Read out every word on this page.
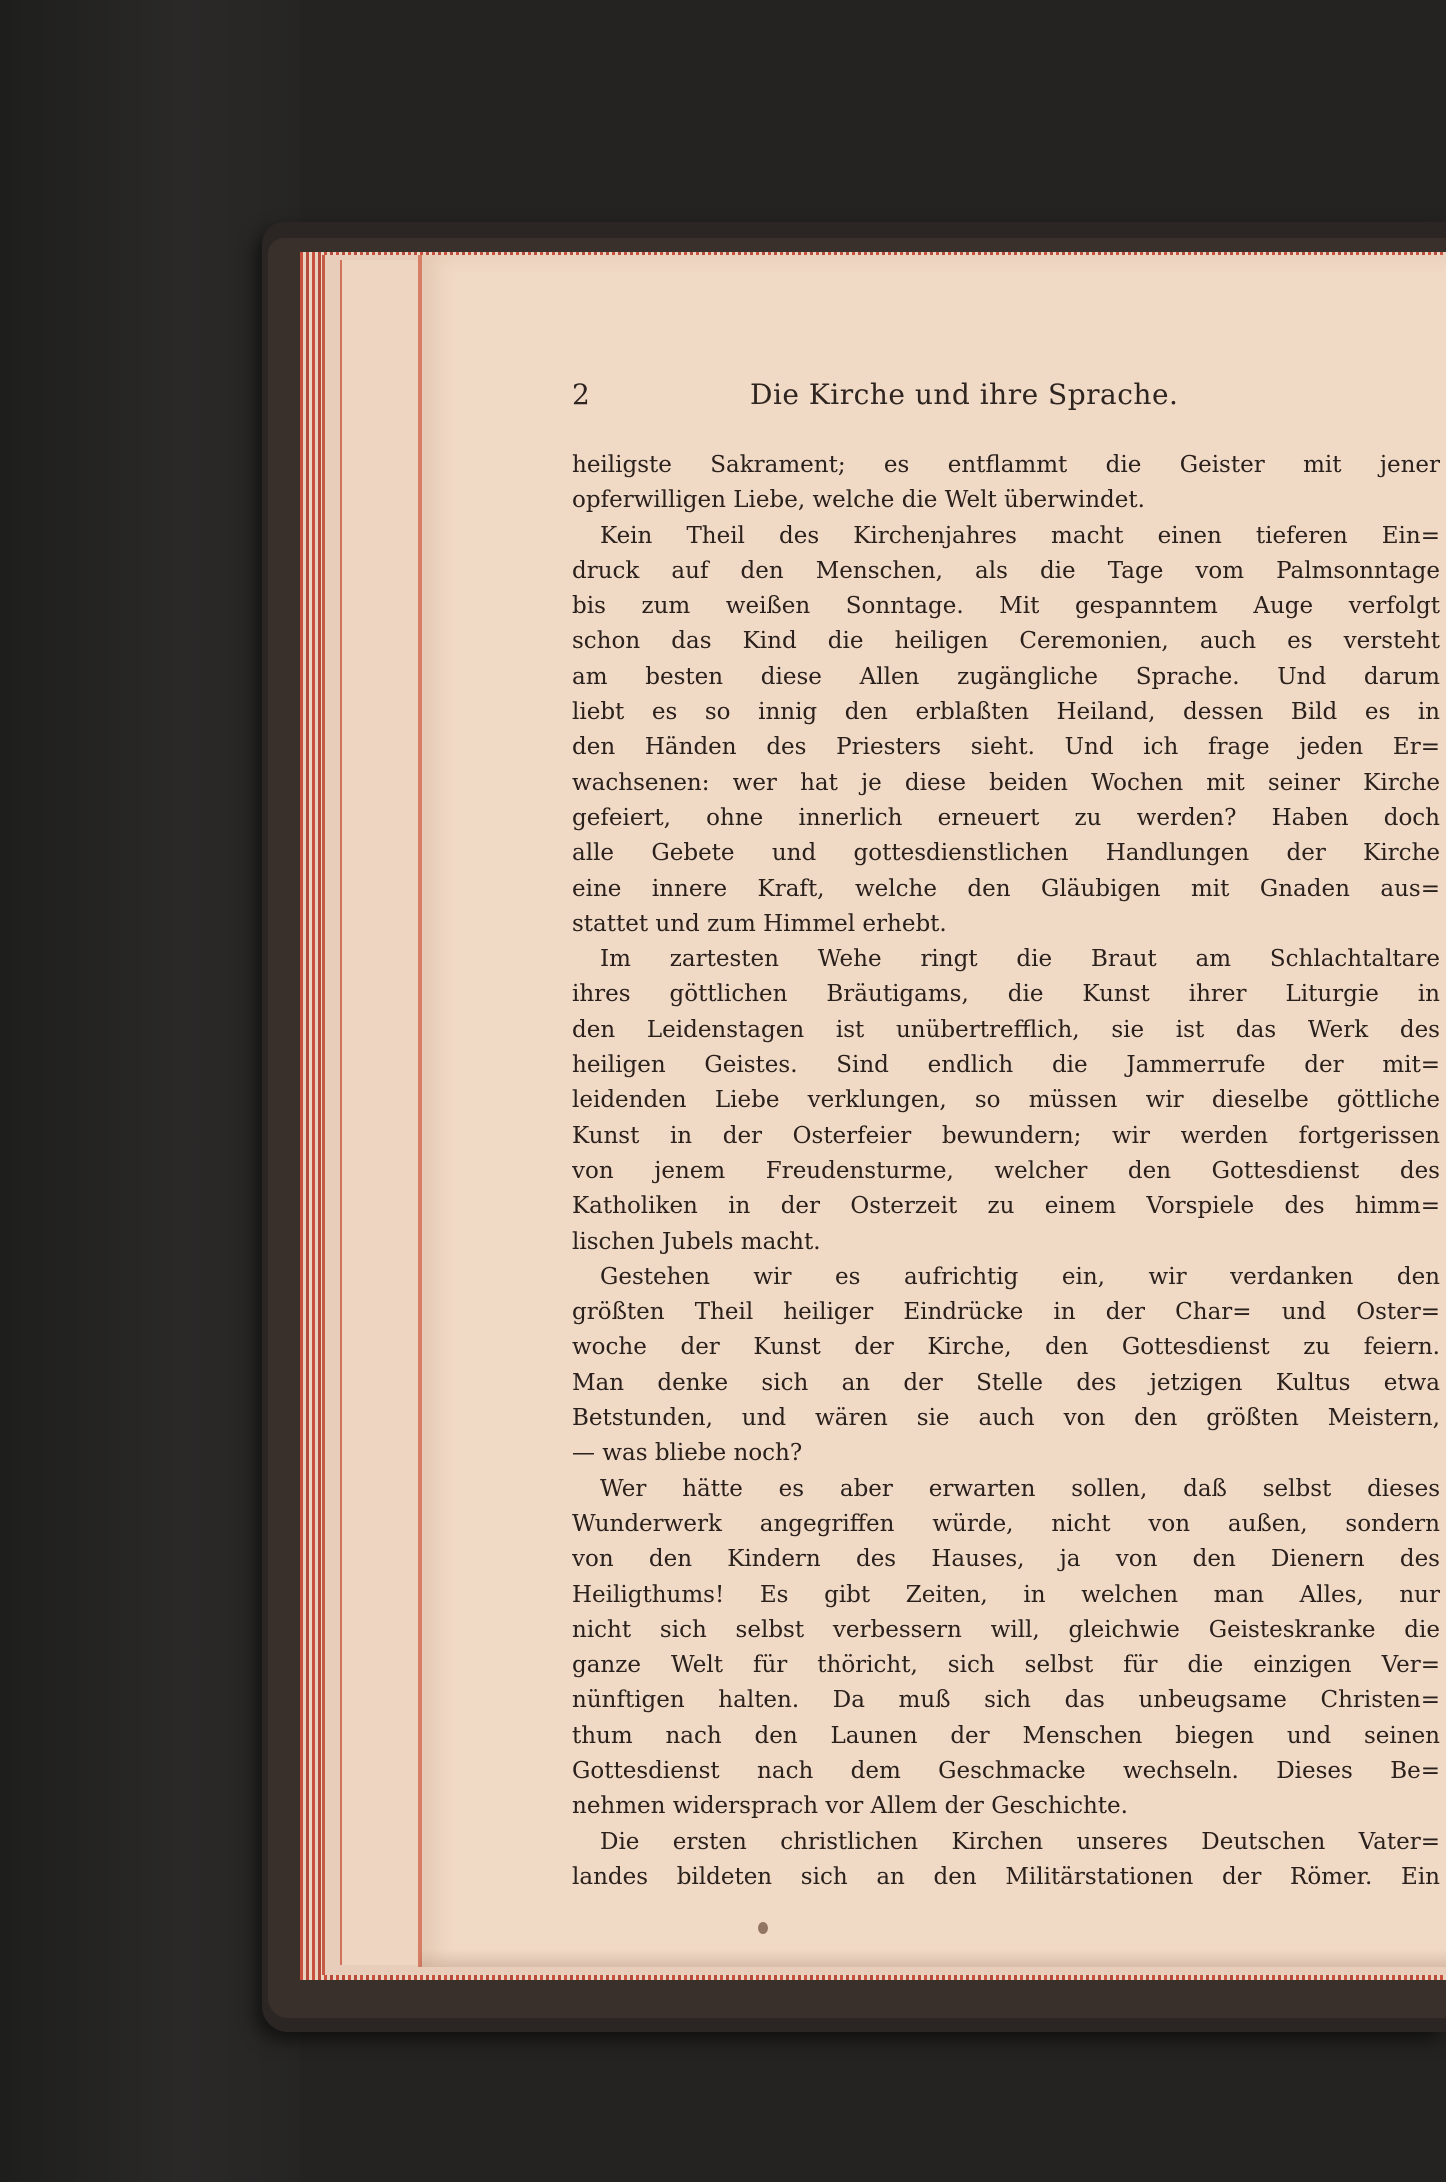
2	Die Kirche und ihre Sprache.
heiligste Sakrament; es entflammt die Geister mit jener
opferwilligen Liebe, welche die Welt überwindet.
Kein Theil des Kirchenjahres macht einen tieferen Ein=
druck auf den Menschen, als die Tage vom Palmsonntage
bis zum weißen Sonntage. Mit gespanntem Auge verfolgt
schon das Kind die heiligen Ceremonien, auch es versteht
am besten diese Allen zugängliche Sprache. Und darum
liebt es so innig den erblaßten Heiland, dessen Bild es in
den Händen des Priesters sieht. Und ich frage jeden Er=
wachsenen: wer hat je diese beiden Wochen mit seiner Kirche
gefeiert, ohne innerlich erneuert zu werden? Haben doch
alle Gebete und gottesdienstlichen Handlungen der Kirche
eine innere Kraft, welche den Gläubigen mit Gnaden aus=
stattet und zum Himmel erhebt.
Im zartesten Wehe ringt die Braut am Schlachtaltare
ihres göttlichen Bräutigams, die Kunst ihrer Liturgie in
den Leidenstagen ist unübertrefflich, sie ist das Werk des
heiligen Geistes. Sind endlich die Jammerrufe der mit=
leidenden Liebe verklungen, so müssen wir dieselbe göttliche
Kunst in der Osterfeier bewundern; wir werden fortgerissen
von jenem Freudensturme, welcher den Gottesdienst des
Katholiken in der Osterzeit zu einem Vorspiele des himm=
lischen Jubels macht.
Gestehen wir es aufrichtig ein, wir verdanken den
größten Theil heiliger Eindrücke in der Char= und Oster=
woche der Kunst der Kirche, den Gottesdienst zu feiern.
Man denke sich an der Stelle des jetzigen Kultus etwa
Betstunden, und wären sie auch von den größten Meistern,
— was bliebe noch?
Wer hätte es aber erwarten sollen, daß selbst dieses
Wunderwerk angegriffen würde, nicht von außen, sondern
von den Kindern des Hauses, ja von den Dienern des
Heiligthums! Es gibt Zeiten, in welchen man Alles, nur
nicht sich selbst verbessern will, gleichwie Geisteskranke die
ganze Welt für thöricht, sich selbst für die einzigen Ver=
nünftigen halten. Da muß sich das unbeugsame Christen=
thum nach den Launen der Menschen biegen und seinen
Gottesdienst nach dem Geschmacke wechseln. Dieses Be=
nehmen widersprach vor Allem der Geschichte.
Die ersten christlichen Kirchen unseres Deutschen Vater=
landes bildeten sich an den Militärstationen der Römer. Ein
